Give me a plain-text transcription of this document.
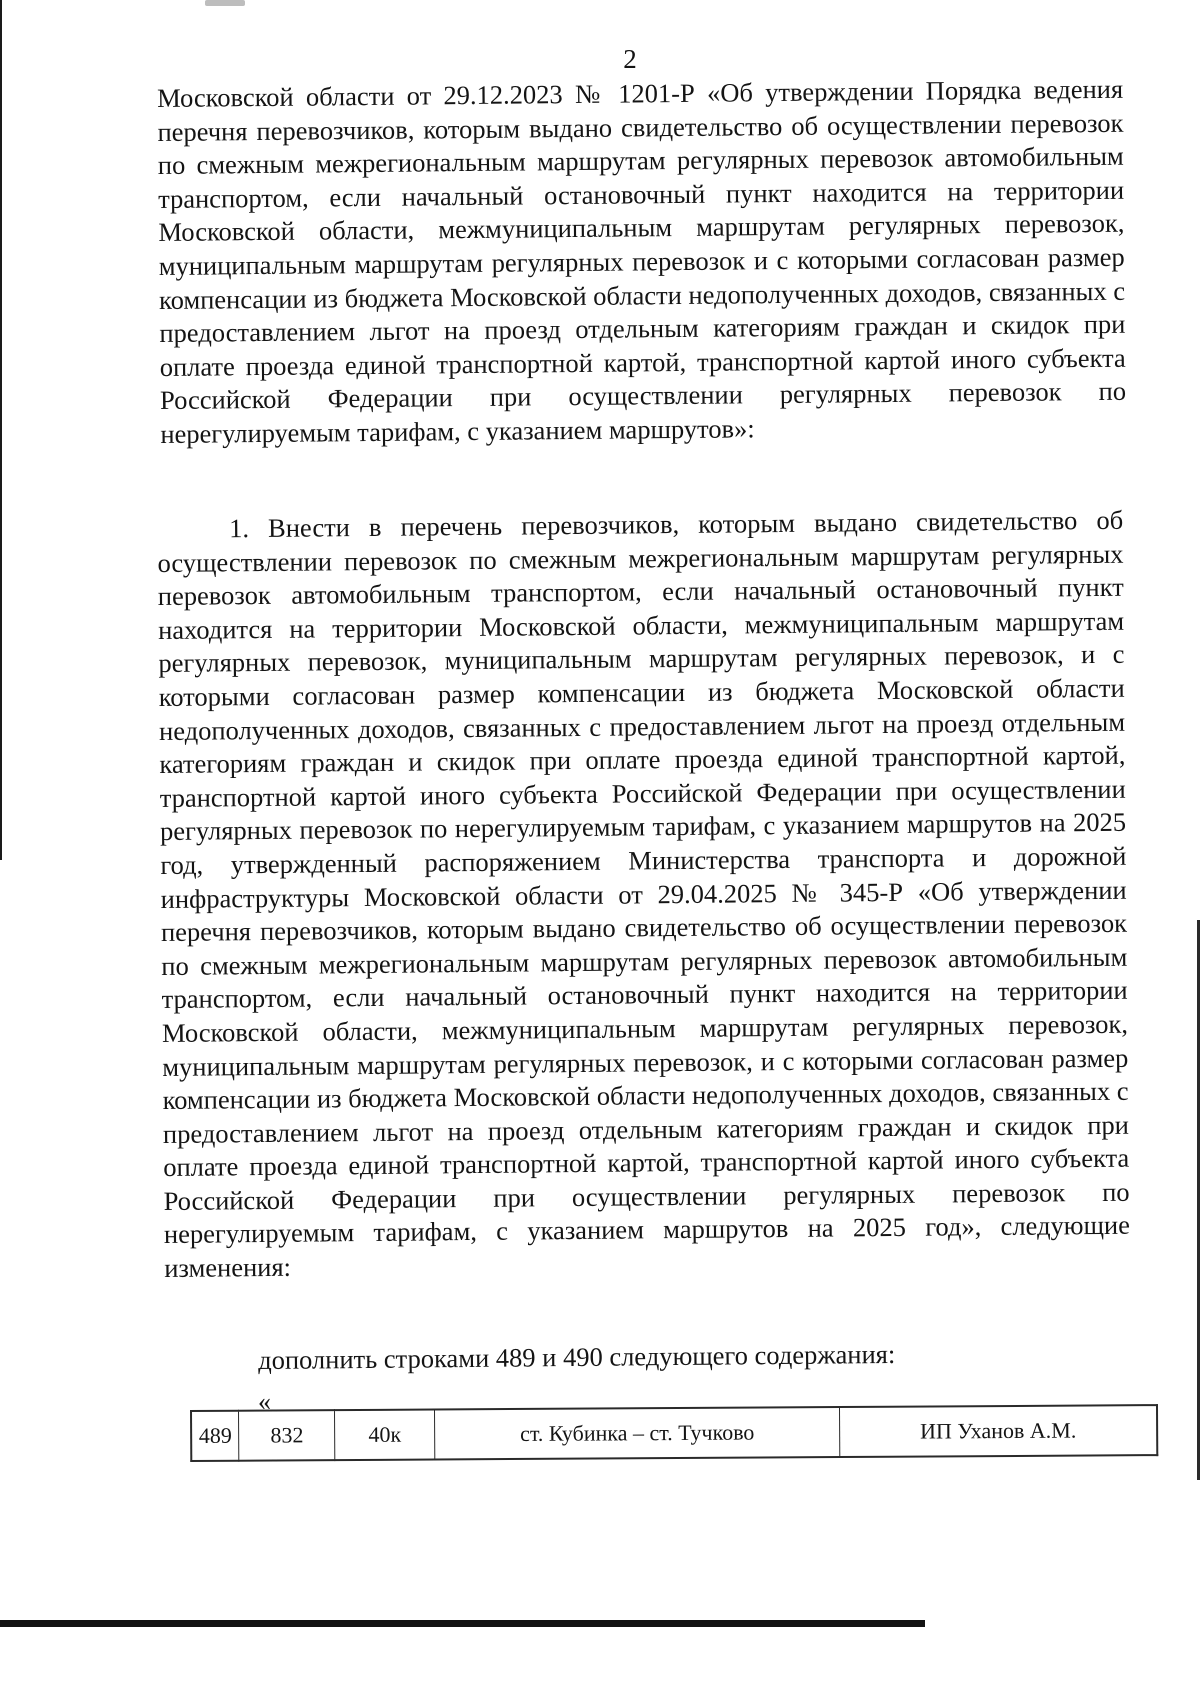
2

Московской области от 29.12.2023 № 1201-Р «Об утверждении Порядка ведения перечня перевозчиков, которым выдано свидетельство об осуществлении перевозок по смежным межрегиональным маршрутам регулярных перевозок автомобильным транспортом, если начальный остановочный пункт находится на территории Московской области, межмуниципальным маршрутам регулярных перевозок, муниципальным маршрутам регулярных перевозок и с которыми согласован размер компенсации из бюджета Московской области недополученных доходов, связанных с предоставлением льгот на проезд отдельным категориям граждан и скидок при оплате проезда единой транспортной картой, транспортной картой иного субъекта Российской Федерации при осуществлении регулярных перевозок по нерегулируемым тарифам, с указанием маршрутов»:

1. Внести в перечень перевозчиков, которым выдано свидетельство об осуществлении перевозок по смежным межрегиональным маршрутам регулярных перевозок автомобильным транспортом, если начальный остановочный пункт находится на территории Московской области, межмуниципальным маршрутам регулярных перевозок, муниципальным маршрутам регулярных перевозок, и с которыми согласован размер компенсации из бюджета Московской области недополученных доходов, связанных с предоставлением льгот на проезд отдельным категориям граждан и скидок при оплате проезда единой транспортной картой, транспортной картой иного субъекта Российской Федерации при осуществлении регулярных перевозок по нерегулируемым тарифам, с указанием маршрутов на 2025 год, утвержденный распоряжением Министерства транспорта и дорожной инфраструктуры Московской области от 29.04.2025 № 345-Р «Об утверждении перечня перевозчиков, которым выдано свидетельство об осуществлении перевозок по смежным межрегиональным маршрутам регулярных перевозок автомобильным транспортом, если начальный остановочный пункт находится на территории Московской области, межмуниципальным маршрутам регулярных перевозок, муниципальным маршрутам регулярных перевозок, и с которыми согласован размер компенсации из бюджета Московской области недополученных доходов, связанных с предоставлением льгот на проезд отдельным категориям граждан и скидок при оплате проезда единой транспортной картой, транспортной картой иного субъекта Российской Федерации при осуществлении регулярных перевозок по нерегулируемым тарифам, с указанием маршрутов на 2025 год», следующие изменения:

дополнить строками 489 и 490 следующего содержания:

«

489	832	40к	ст. Кубинка – ст. Тучково	ИП Уханов А.М.
